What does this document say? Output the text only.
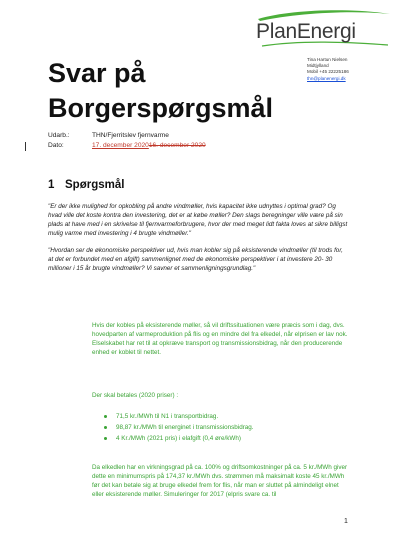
PlanEnergi
Tina Hartun Nielsen
Midtjylland
Mobil +45 22225186
thn@planenergi.dk
Svar på
Borgerspørgsmål
Udarb.:	THN/Fjerritslev fjernvarme
Dato:	17. december 2020 16. december 2020
1 Spørgsmål
"Er der ikke mulighed for opkobling på andre vindmøller, hvis kapacitet ikke udnyttes i optimal grad? Og hvad ville det koste kontra den investering, det er at købe møller? Den slags beregninger ville være på sin plads at have med i en skrivelse til fjernvarmeforbrugere, hvor der med meget lidt fakta loves at sikre billigst mulig varme med investering i 4 brugte vindmøller."
"Hvordan ser de økonomiske perspektiver ud, hvis man kobler sig på eksisterende vindmøller (til trods for, at det er forbundet med en afgift) sammenlignet med de økonomiske perspektiver i at investere 20- 30 millioner i 15 år brugte vindmøller? Vi savner et sammenligningsgrundlag."
Hvis der kobles på eksisterende møller, så vil driftssituationen være præcis som i dag, dvs. hovedparten af varmeproduktion på flis og en mindre del fra elkedel, når elprisen er lav nok. Elselskabet har ret til at opkræve transport og transmissionsbidrag, når den producerende enhed er koblet til nettet.
Der skal betales (2020 priser) :
71,5 kr./MWh til N1 i transportbidrag.
98,87 kr./MWh til energinet i transmissionsbidrag.
4 Kr./MWh (2021 pris) i elafgift (0,4 øre/kWh)
Da elkedlen har en virkningsgrad på ca. 100% og driftsomkostninger på ca. 5 kr./MWh giver dette en minimumspris på 174,37 kr./MWh dvs. strømmen må maksimalt koste 45 kr./MWh før det kan betale sig at bruge elkedel frem for flis, når man er sluttet på almindeligt elnet eller eksisterende møller. Simuleringer for 2017 (elpris svare ca. til
1
